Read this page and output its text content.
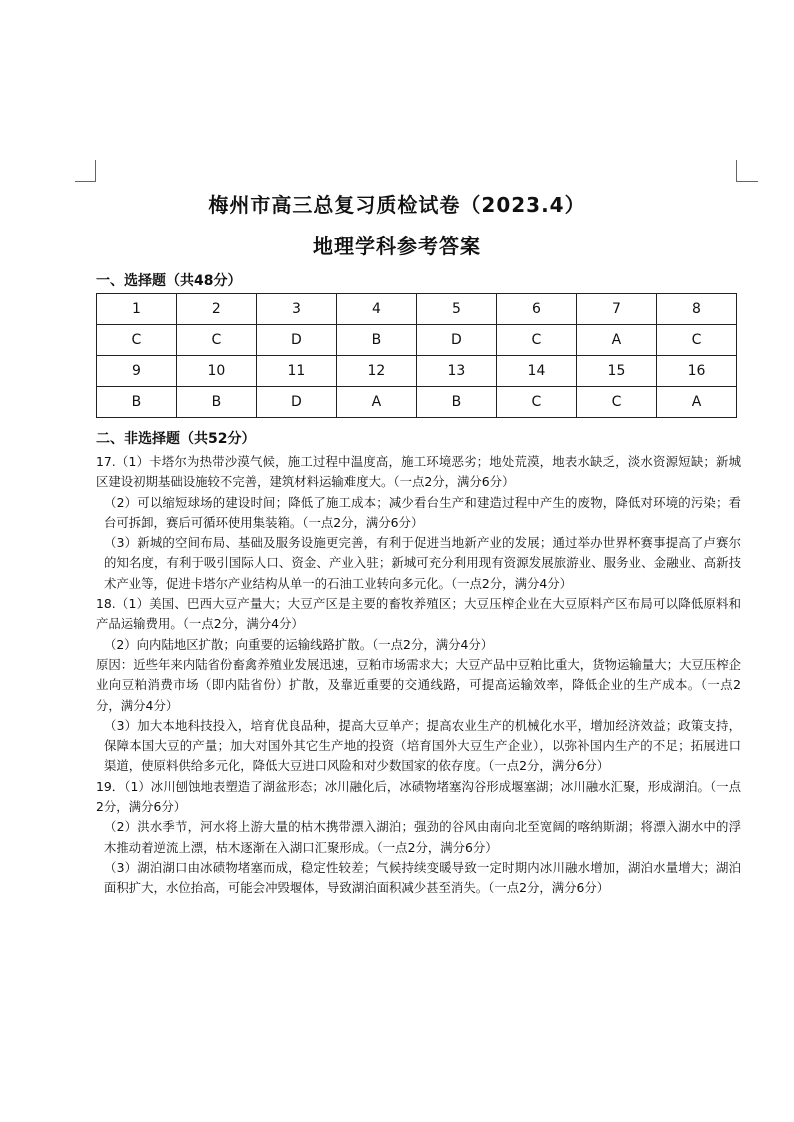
梅州市高三总复习质检试卷（2023.4）
地理学科参考答案
一、选择题（共48分）
1	2	3	4	5	6	7	8
C	C	D	B	D	C	A	C
9	10	11	12	13	14	15	16
B	B	D	A	B	C	C	A
二、非选择题（共52分）

17.（1）卡塔尔为热带沙漠气候，施工过程中温度高，施工环境恶劣；地处荒漠，地表水缺乏，淡水资源短缺；新城区建设初期基础设施较不完善，建筑材料运输难度大。（一点2分，满分6分）

（2）可以缩短球场的建设时间；降低了施工成本；减少看台生产和建造过程中产生的废物，降低对环境的污染；看台可拆卸，赛后可循环使用集装箱。（一点2分，满分6分）

（3）新城的空间布局、基础及服务设施更完善，有利于促进当地新产业的发展；通过举办世界杯赛事提高了卢赛尔的知名度，有利于吸引国际人口、资金、产业入驻；新城可充分利用现有资源发展旅游业、服务业、金融业、高新技术产业等，促进卡塔尔产业结构从单一的石油工业转向多元化。（一点2分，满分4分）

18.（1）美国、巴西大豆产量大；大豆产区是主要的畜牧养殖区；大豆压榨企业在大豆原料产区布局可以降低原料和产品运输费用。（一点2分，满分4分）

（2）向内陆地区扩散；向重要的运输线路扩散。（一点2分，满分4分）

原因：近些年来内陆省份畜禽养殖业发展迅速，豆粕市场需求大；大豆产品中豆粕比重大，货物运输量大；大豆压榨企业向豆粕消费市场（即内陆省份）扩散，及靠近重要的交通线路，可提高运输效率，降低企业的生产成本。（一点2分，满分4分）

（3）加大本地科技投入，培育优良品种，提高大豆单产；提高农业生产的机械化水平，增加经济效益；政策支持，保障本国大豆的产量；加大对国外其它生产地的投资（培育国外大豆生产企业），以弥补国内生产的不足；拓展进口渠道，使原料供给多元化，降低大豆进口风险和对少数国家的依存度。（一点2分，满分6分）

19．（1）冰川刨蚀地表塑造了湖盆形态；冰川融化后，冰碛物堵塞沟谷形成堰塞湖；冰川融水汇聚，形成湖泊。（一点2分，满分6分）

（2）洪水季节，河水将上游大量的枯木携带漂入湖泊；强劲的谷风由南向北至宽阔的喀纳斯湖；将漂入湖水中的浮木推动着逆流上漂，枯木逐渐在入湖口汇聚形成。（一点2分，满分6分）

（3）湖泊湖口由冰碛物堵塞而成，稳定性较差；气候持续变暖导致一定时期内冰川融水增加，湖泊水量增大；湖泊面积扩大，水位抬高，可能会冲毁堰体，导致湖泊面积减少甚至消失。（一点2分，满分6分）
